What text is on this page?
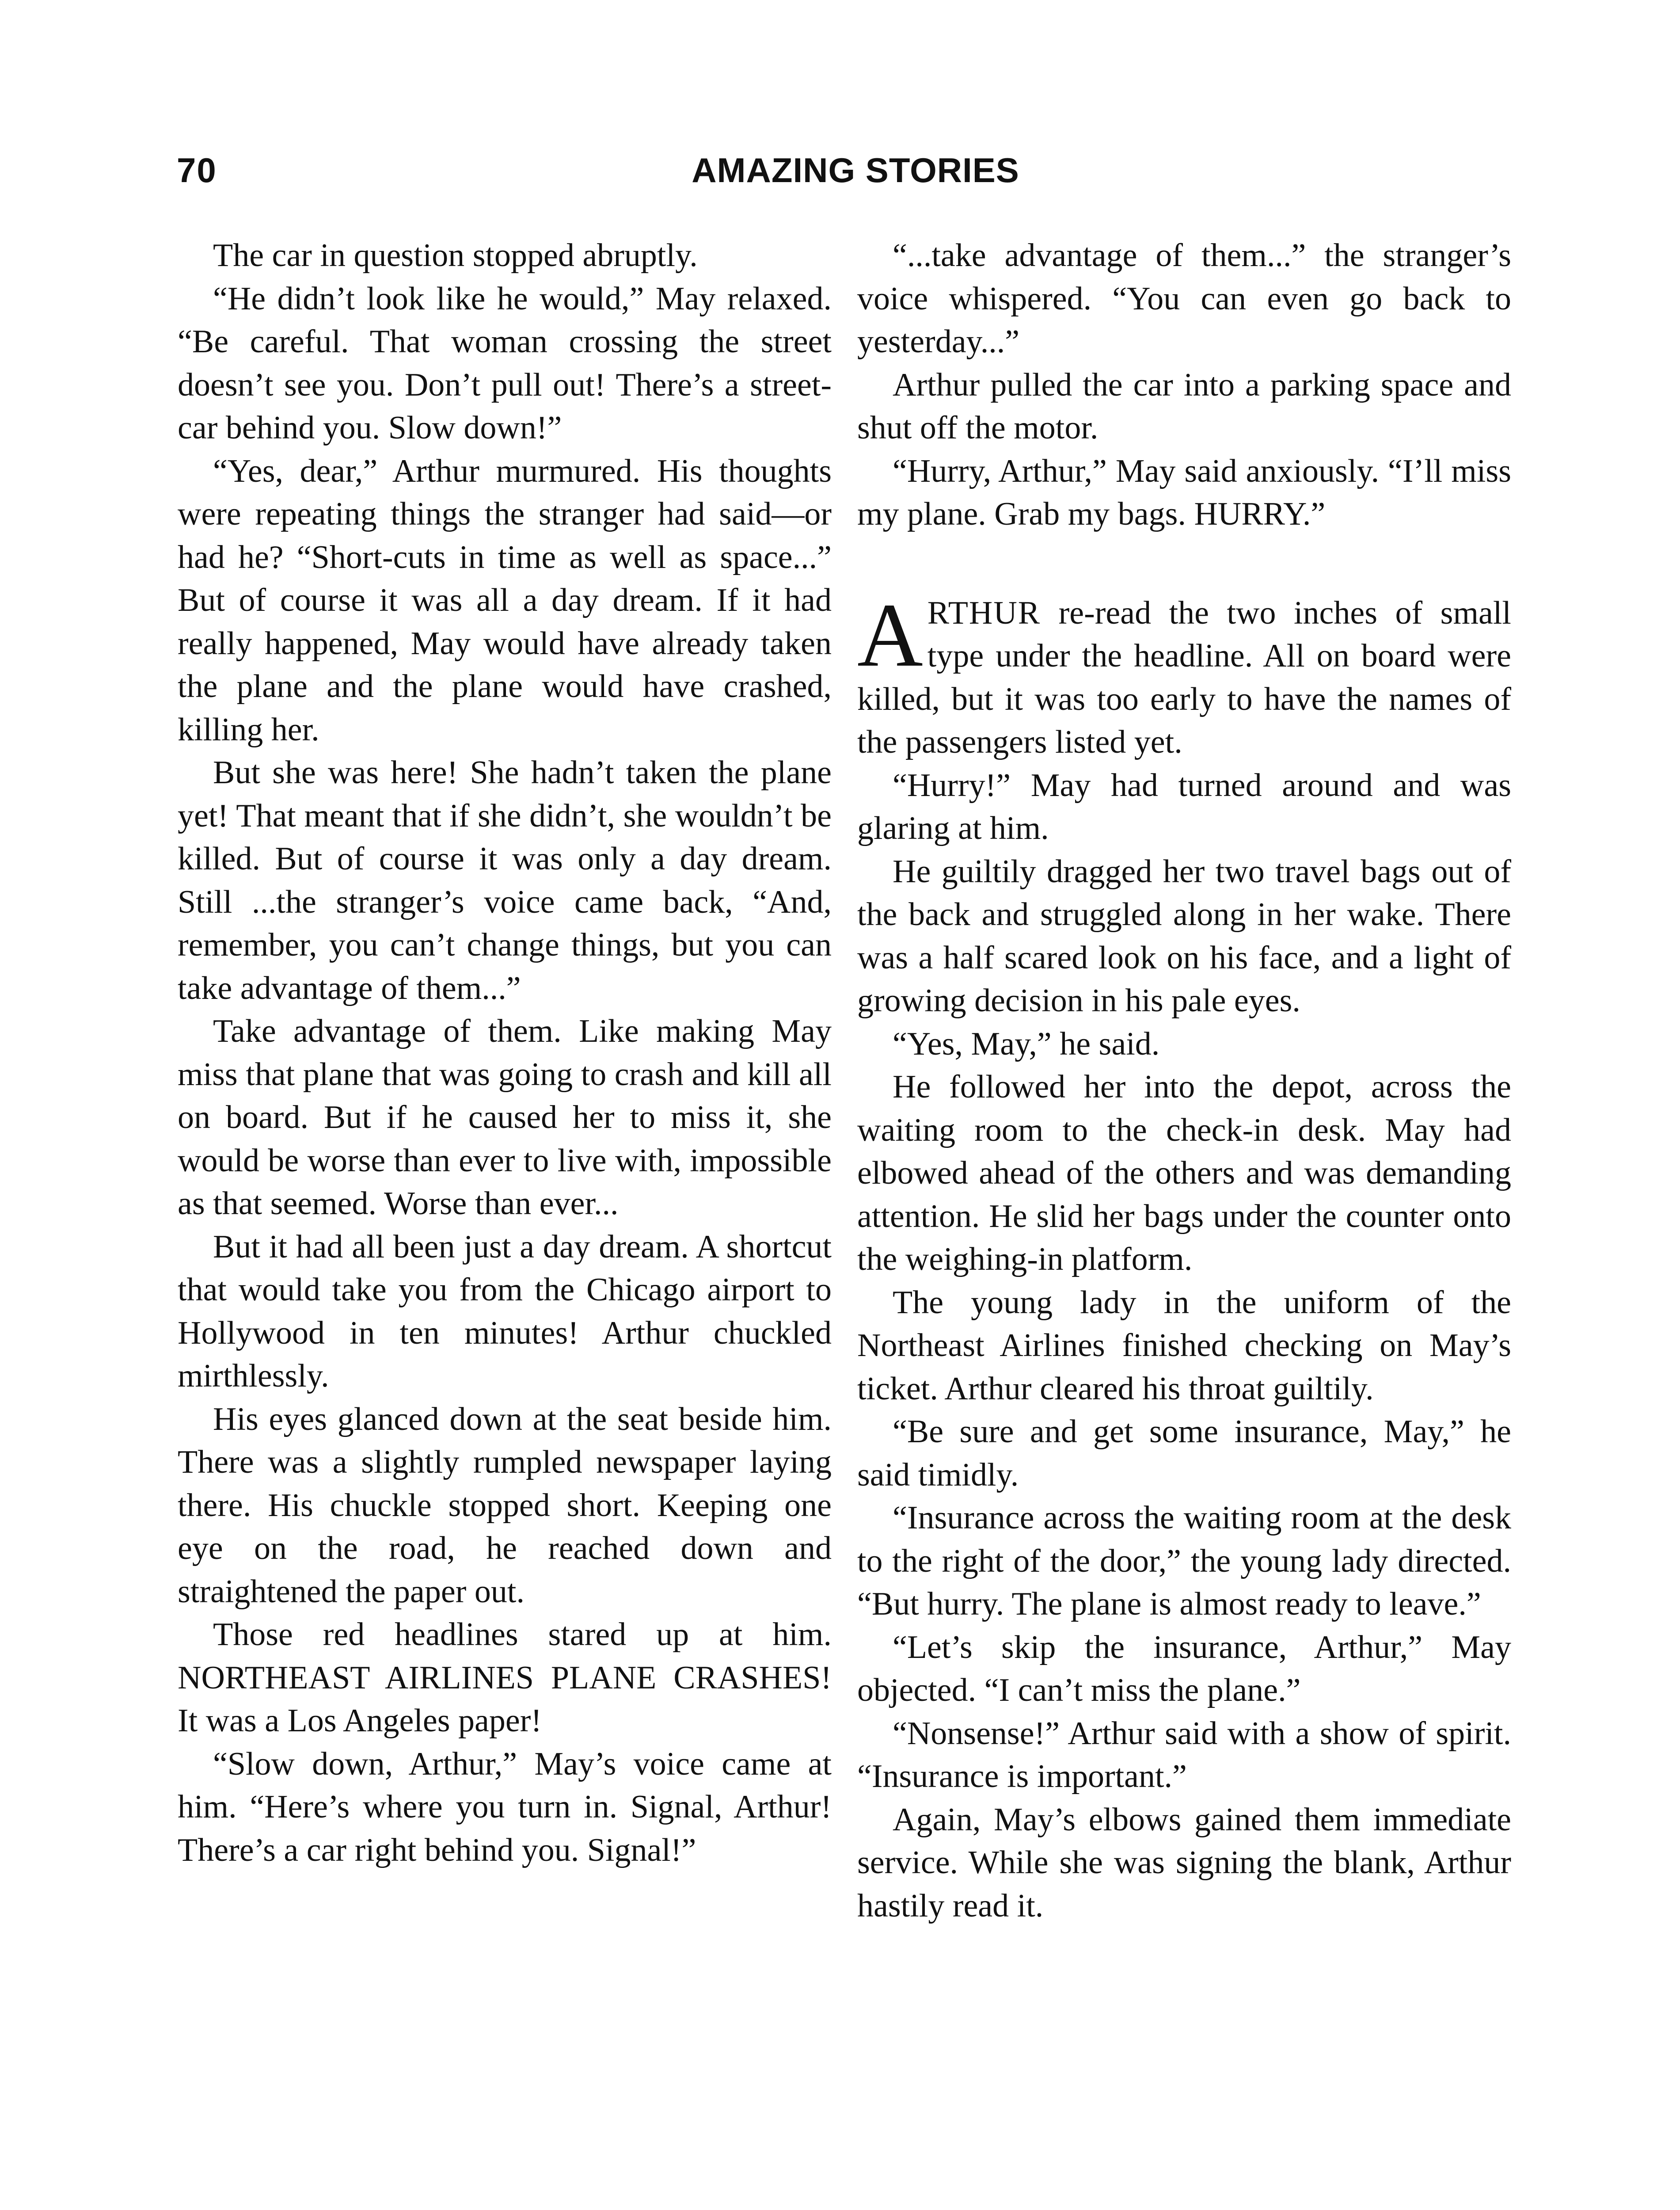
70	AMAZING STORIES

The car in question stopped abruptly.

“He didn’t look like he would,” May relaxed. “Be careful. That woman crossing the street doesn’t see you. Don’t pull out! There’s a street-car behind you. Slow down!”

“Yes, dear,” Arthur murmured. His thoughts were repeating things the stranger had said—or had he? “Short-cuts in time as well as space...” But of course it was all a day dream. If it had really happened, May would have already taken the plane and the plane would have crashed, killing her.

But she was here! She hadn’t taken the plane yet! That meant that if she didn’t, she wouldn’t be killed. But of course it was only a day dream. Still ...the stranger’s voice came back, “And, remember, you can’t change things, but you can take advantage of them...”

Take advantage of them. Like making May miss that plane that was going to crash and kill all on board. But if he caused her to miss it, she would be worse than ever to live with, impossible as that seemed. Worse than ever...

But it had all been just a day dream. A shortcut that would take you from the Chicago airport to Hollywood in ten minutes! Arthur chuckled mirthlessly.

His eyes glanced down at the seat beside him. There was a slightly rumpled newspaper laying there. His chuckle stopped short. Keeping one eye on the road, he reached down and straightened the paper out.

Those red headlines stared up at him. NORTHEAST AIRLINES PLANE CRASHES! It was a Los Angeles paper!

“Slow down, Arthur,” May’s voice came at him. “Here’s where you turn in. Signal, Arthur! There’s a car right behind you. Signal!”

“...take advantage of them...” the stranger’s voice whispered. “You can even go back to yesterday...”

Arthur pulled the car into a parking space and shut off the motor.

“Hurry, Arthur,” May said anxiously. “I’ll miss my plane. Grab my bags. HURRY.”

ARTHUR re-read the two inches of small type under the headline. All on board were killed, but it was too early to have the names of the passengers listed yet.

“Hurry!” May had turned around and was glaring at him.

He guiltily dragged her two travel bags out of the back and struggled along in her wake. There was a half scared look on his face, and a light of growing decision in his pale eyes.

“Yes, May,” he said.

He followed her into the depot, across the waiting room to the check-in desk. May had elbowed ahead of the others and was demanding attention. He slid her bags under the counter onto the weighing-in platform.

The young lady in the uniform of the Northeast Airlines finished checking on May’s ticket. Arthur cleared his throat guiltily.

“Be sure and get some insurance, May,” he said timidly.

“Insurance across the waiting room at the desk to the right of the door,” the young lady directed. “But hurry. The plane is almost ready to leave.”

“Let’s skip the insurance, Arthur,” May objected. “I can’t miss the plane.”

“Nonsense!” Arthur said with a show of spirit. “Insurance is important.”

Again, May’s elbows gained them immediate service. While she was signing the blank, Arthur hastily read it.
